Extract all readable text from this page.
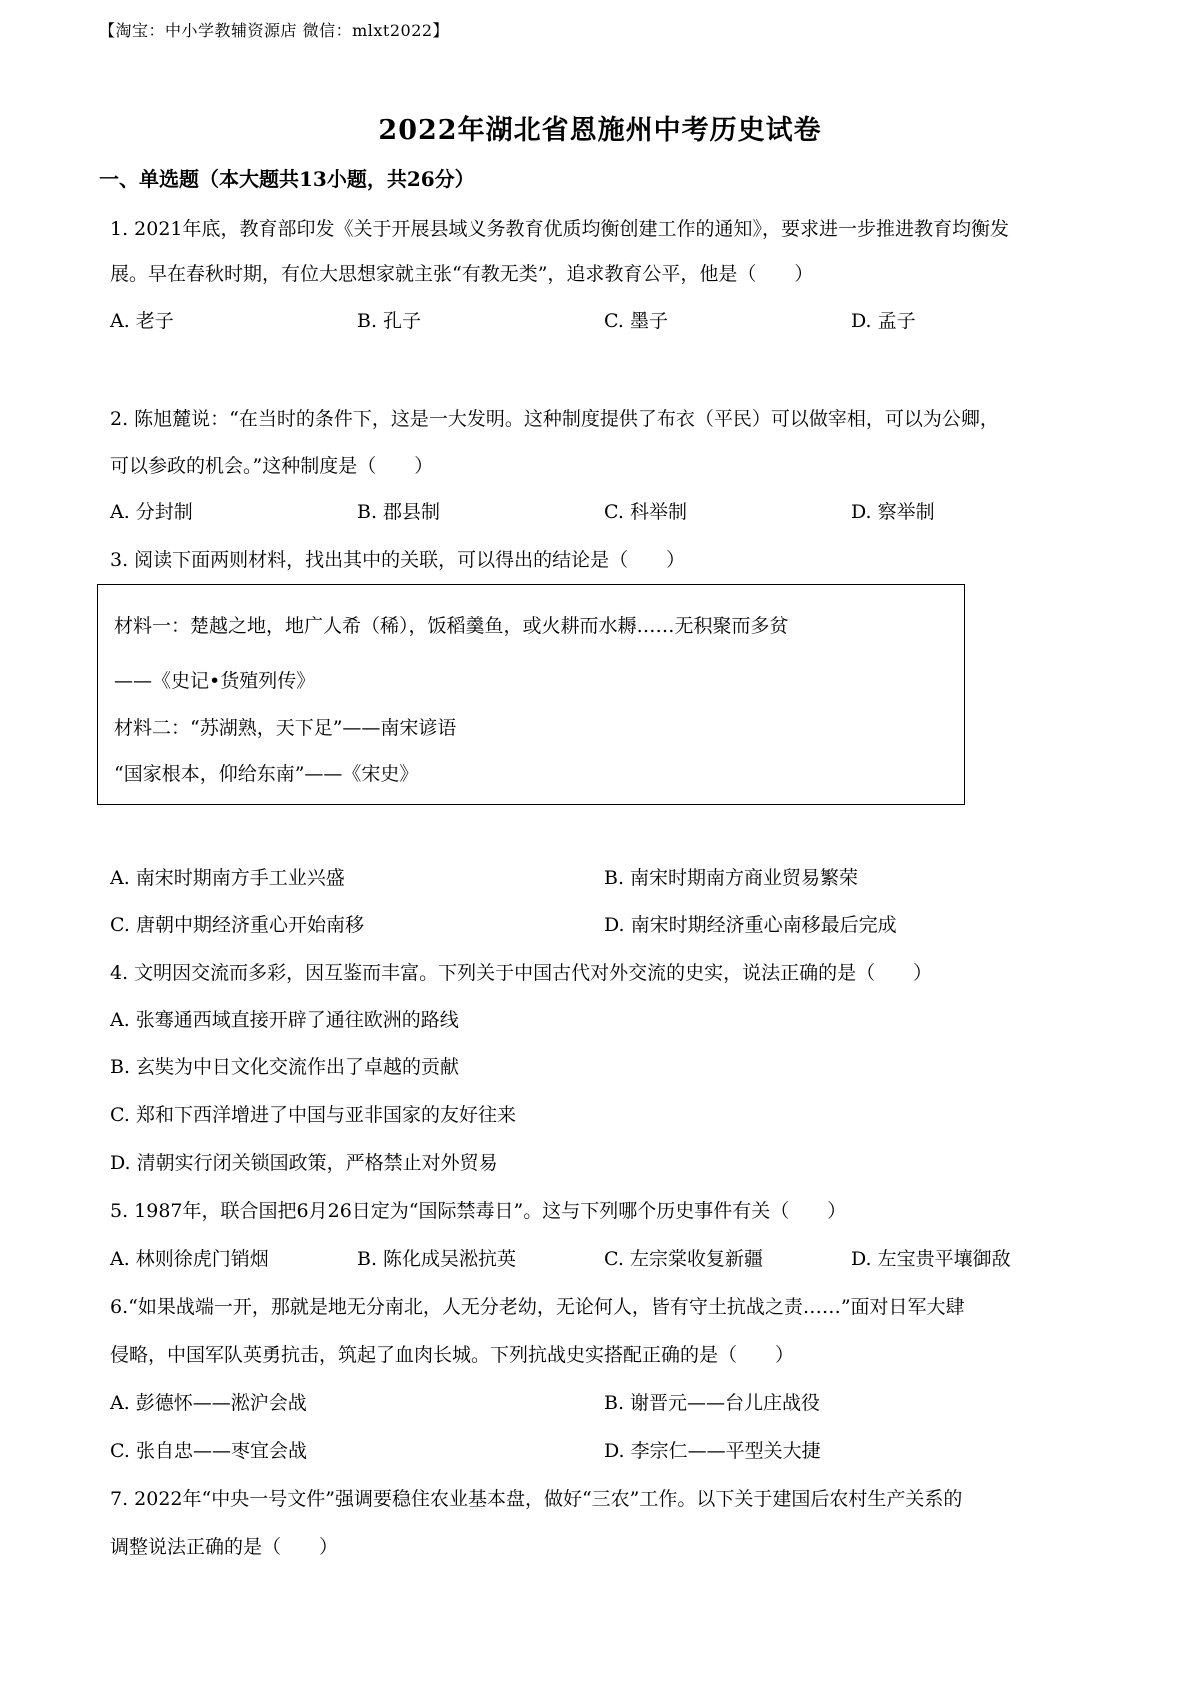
【淘宝：中小学教辅资源店 微信：mlxt2022】
2022年湖北省恩施州中考历史试卷
一、单选题（本大题共13小题，共26分）
1. 2021年底，教育部印发《关于开展县域义务教育优质均衡创建工作的通知》，要求进一步推进教育均衡发
展。早在春秋时期，有位大思想家就主张“有教无类”，追求教育公平，他是（　　）
A. 老子	B. 孔子	C. 墨子	D. 孟子
2. 陈旭麓说：“在当时的条件下，这是一大发明。这种制度提供了布衣（平民）可以做宰相，可以为公卿，
可以参政的机会。”这种制度是（　　）
A. 分封制	B. 郡县制	C. 科举制	D. 察举制
3. 阅读下面两则材料，找出其中的关联，可以得出的结论是（　　）
材料一：楚越之地，地广人希（稀），饭稻羹鱼，或火耕而水耨……无积聚而多贫
——《史记•货殖列传》
材料二：“苏湖熟，天下足”——南宋谚语
“国家根本，仰给东南”——《宋史》
A. 南宋时期南方手工业兴盛	B. 南宋时期南方商业贸易繁荣
C. 唐朝中期经济重心开始南移	D. 南宋时期经济重心南移最后完成
4. 文明因交流而多彩，因互鉴而丰富。下列关于中国古代对外交流的史实，说法正确的是（　　）
A. 张骞通西域直接开辟了通往欧洲的路线
B. 玄奘为中日文化交流作出了卓越的贡献
C. 郑和下西洋增进了中国与亚非国家的友好往来
D. 清朝实行闭关锁国政策，严格禁止对外贸易
5. 1987年，联合国把6月26日定为“国际禁毒日”。这与下列哪个历史事件有关（　　）
A. 林则徐虎门销烟	B. 陈化成吴淞抗英	C. 左宗棠收复新疆	D. 左宝贵平壤御敌
6.“如果战端一开，那就是地无分南北，人无分老幼，无论何人，皆有守土抗战之责……”面对日军大肆
侵略，中国军队英勇抗击，筑起了血肉长城。下列抗战史实搭配正确的是（　　）
A. 彭德怀——淞沪会战	B. 谢晋元——台儿庄战役
C. 张自忠——枣宜会战	D. 李宗仁——平型关大捷
7. 2022年“中央一号文件”强调要稳住农业基本盘，做好“三农”工作。以下关于建国后农村生产关系的
调整说法正确的是（　　）
